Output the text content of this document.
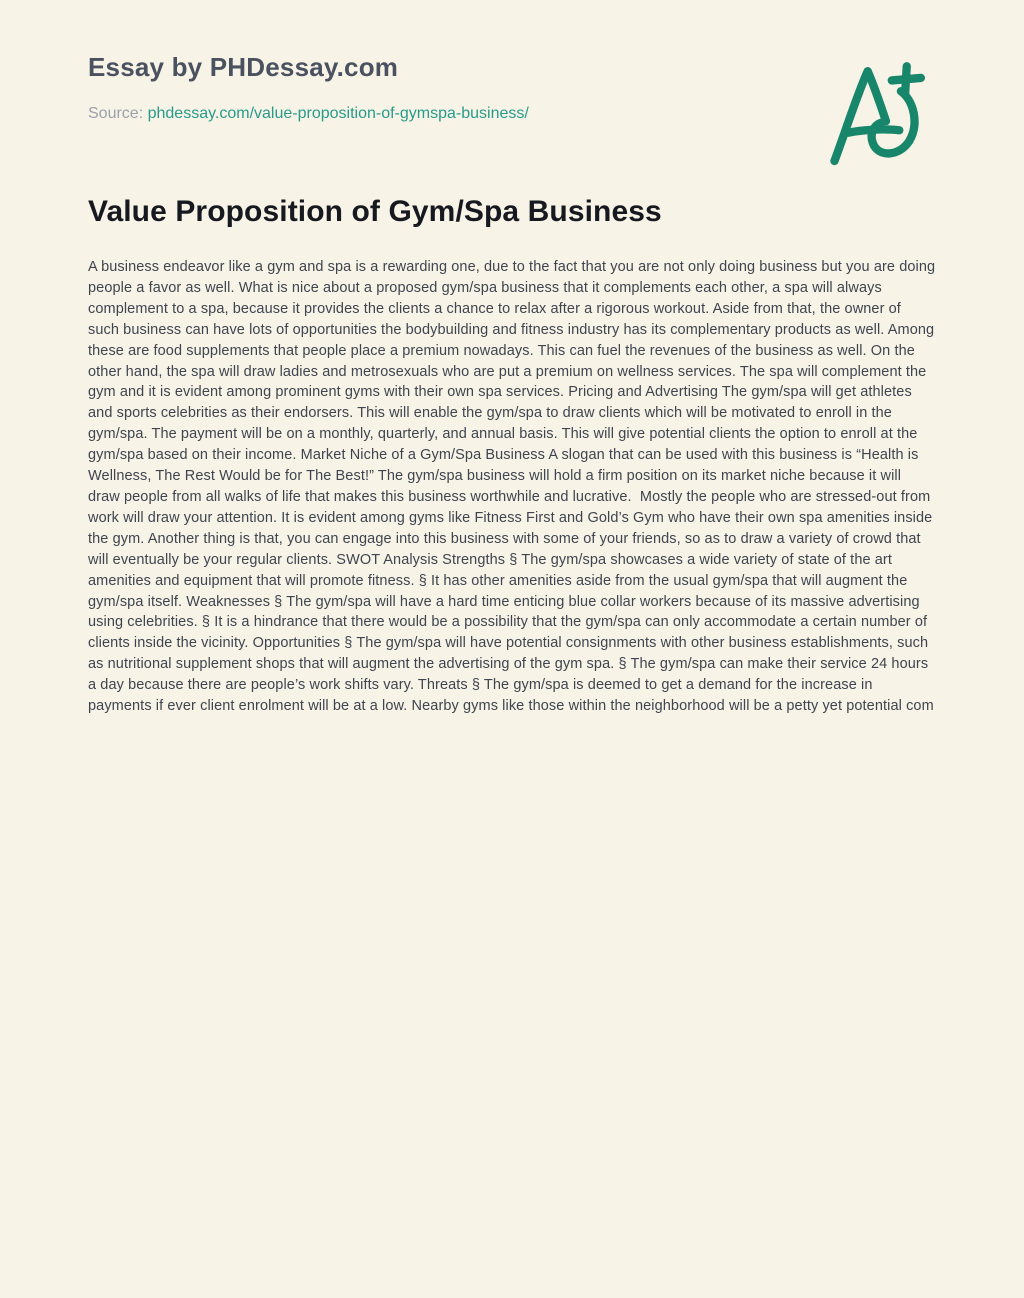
Essay by PHDessay.com
Source: phdessay.com/value-proposition-of-gymspa-business/
Value Proposition of Gym/Spa Business

A business endeavor like a gym and spa is a rewarding one, due to the fact that you are not only doing business but you are doing people a favor as well. What is nice about a proposed gym/spa business that it complements each other, a spa will always complement to a spa, because it provides the clients a chance to relax after a rigorous workout. Aside from that, the owner of such business can have lots of opportunities the bodybuilding and fitness industry has its complementary products as well. Among these are food supplements that people place a premium nowadays. This can fuel the revenues of the business as well. On the other hand, the spa will draw ladies and metrosexuals who are put a premium on wellness services. The spa will complement the gym and it is evident among prominent gyms with their own spa services. Pricing and Advertising The gym/spa will get athletes and sports celebrities as their endorsers. This will enable the gym/spa to draw clients which will be motivated to enroll in the gym/spa. The payment will be on a monthly, quarterly, and annual basis. This will give potential clients the option to enroll at the gym/spa based on their income. Market Niche of a Gym/Spa Business A slogan that can be used with this business is “Health is Wellness, The Rest Would be for The Best!” The gym/spa business will hold a firm position on its market niche because it will draw people from all walks of life that makes this business worthwhile and lucrative.  Mostly the people who are stressed-out from work will draw your attention. It is evident among gyms like Fitness First and Gold’s Gym who have their own spa amenities inside the gym. Another thing is that, you can engage into this business with some of your friends, so as to draw a variety of crowd that will eventually be your regular clients. SWOT Analysis Strengths § The gym/spa showcases a wide variety of state of the art amenities and equipment that will promote fitness. § It has other amenities aside from the usual gym/spa that will augment the gym/spa itself. Weaknesses § The gym/spa will have a hard time enticing blue collar workers because of its massive advertising using celebrities. § It is a hindrance that there would be a possibility that the gym/spa can only accommodate a certain number of clients inside the vicinity. Opportunities § The gym/spa will have potential consignments with other business establishments, such as nutritional supplement shops that will augment the advertising of the gym spa. § The gym/spa can make their service 24 hours a day because there are people’s work shifts vary. Threats § The gym/spa is deemed to get a demand for the increase in payments if ever client enrolment will be at a low. Nearby gyms like those within the neighborhood will be a petty yet potential com
